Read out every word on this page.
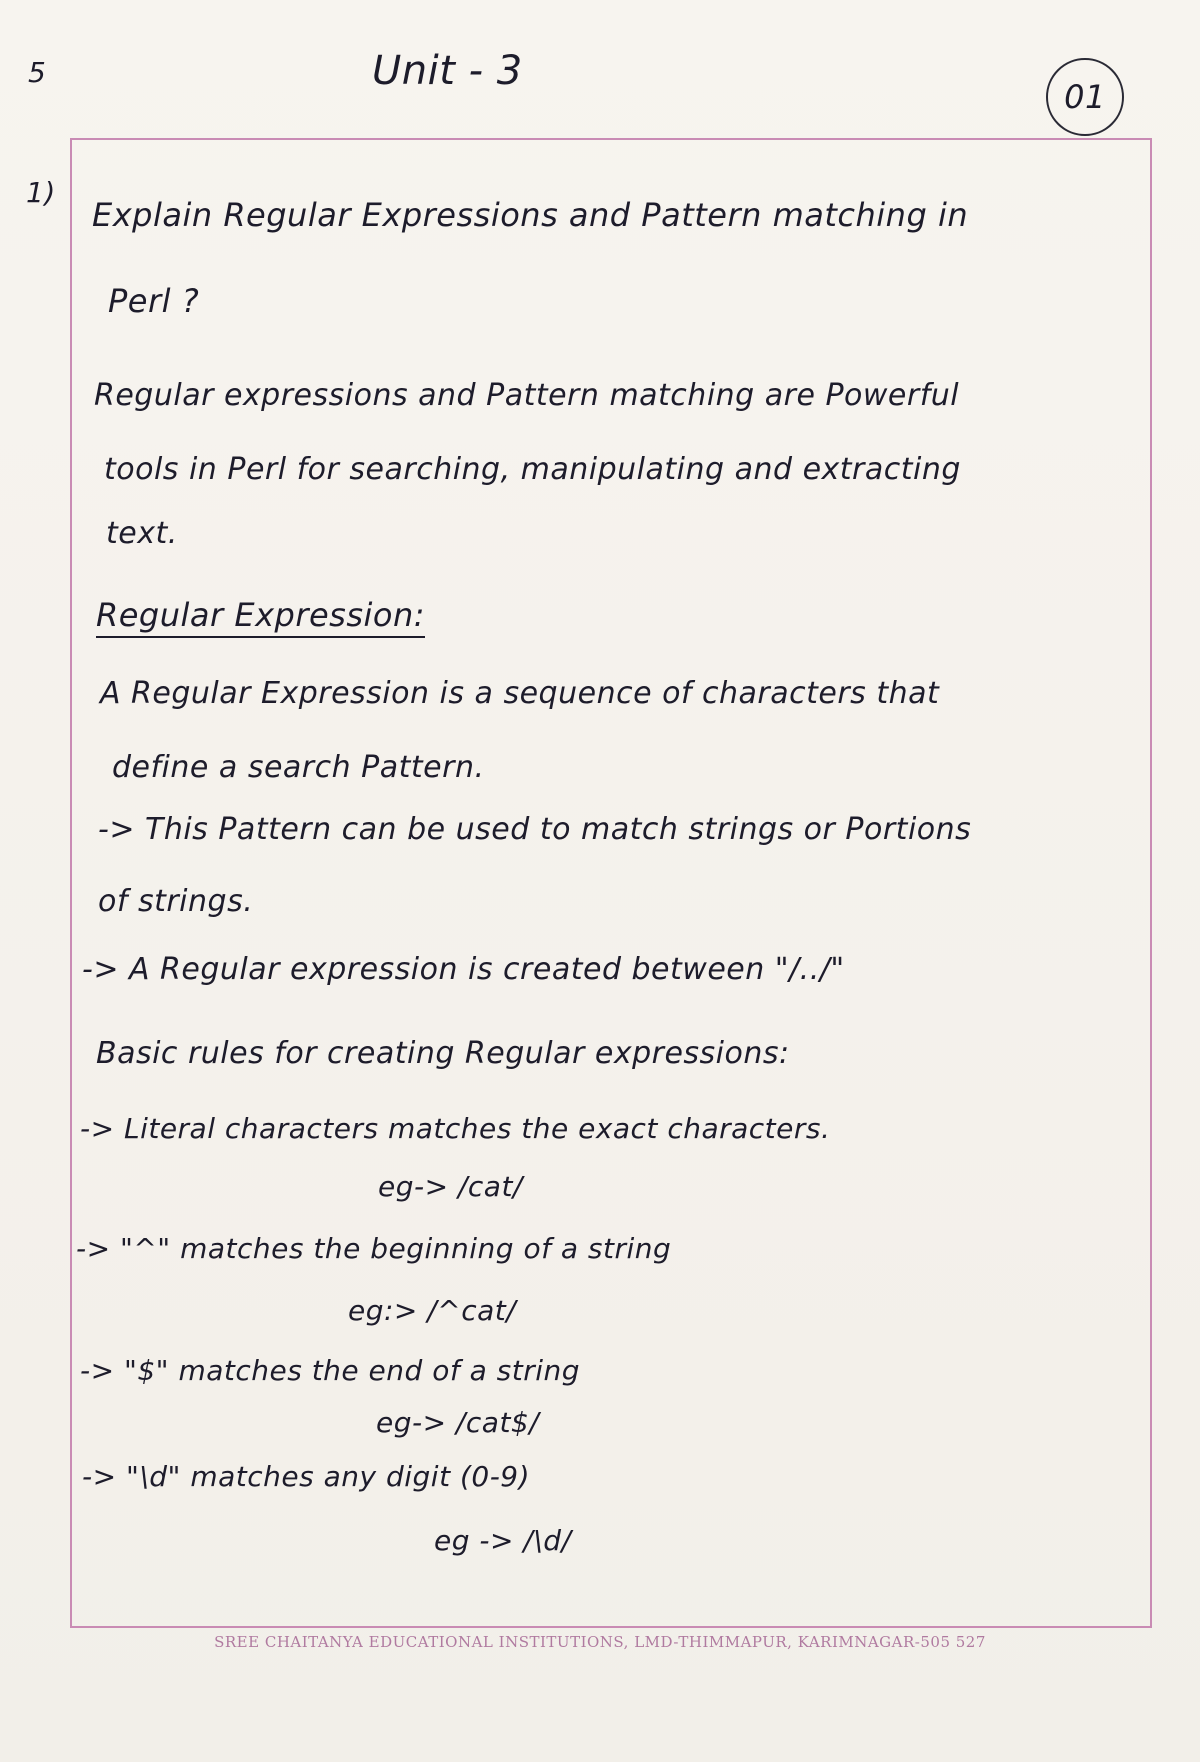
5	Unit - 3
01
1)
Explain Regular Expressions and Pattern matching in
Perl ?
Regular expressions and Pattern matching are Powerful
tools in Perl for searching, manipulating and extracting
text.
Regular Expression:
A Regular Expression is a sequence of characters that
define a search Pattern.
-> This Pattern can be used to match strings or Portions
of strings.
-> A Regular expression is created between "/../"
Basic rules for creating Regular expressions:
-> Literal characters matches the exact characters.
eg-> /cat/
-> "^" matches the beginning of a string
eg:> /^cat/
-> "$" matches the end of a string
eg-> /cat$/
-> "\d" matches any digit (0-9)
eg -> /\d/
SREE CHAITANYA EDUCATIONAL INSTITUTIONS, LMD-THIMMAPUR, KARIMNAGAR-505 527
